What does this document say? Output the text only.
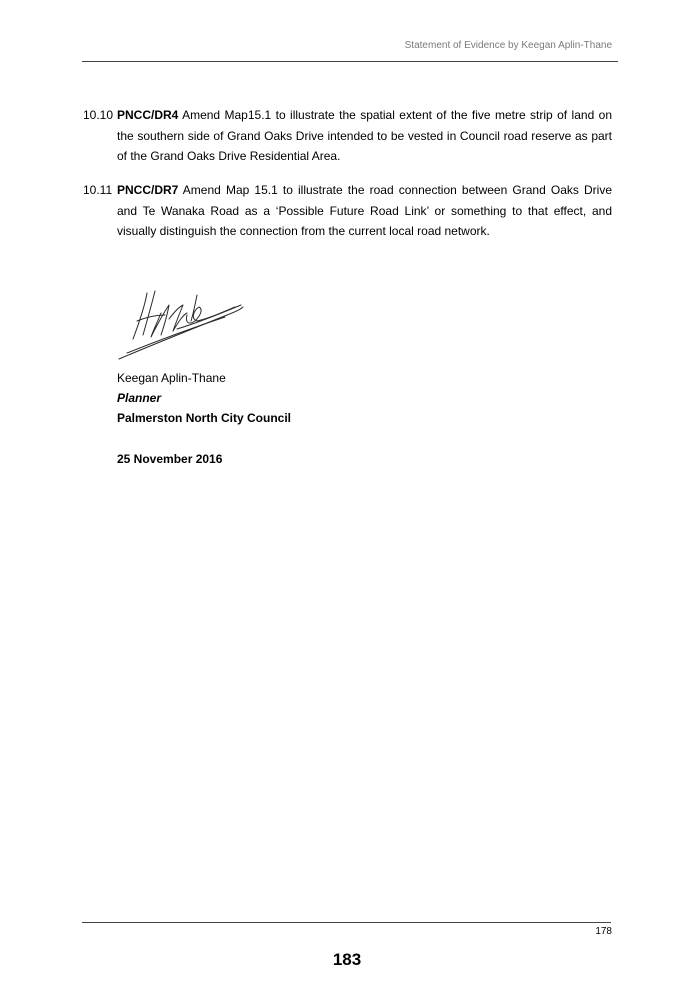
Statement of Evidence by Keegan Aplin-Thane
10.10 PNCC/DR4 Amend Map15.1 to illustrate the spatial extent of the five metre strip of land on the southern side of Grand Oaks Drive intended to be vested in Council road reserve as part of the Grand Oaks Drive Residential Area.
10.11 PNCC/DR7 Amend Map 15.1 to illustrate the road connection between Grand Oaks Drive and Te Wanaka Road as a ‘Possible Future Road Link’ or something to that effect, and visually distinguish the connection from the current local road network.
Keegan Aplin-Thane
Planner
Palmerston North City Council
25 November 2016
178
183
